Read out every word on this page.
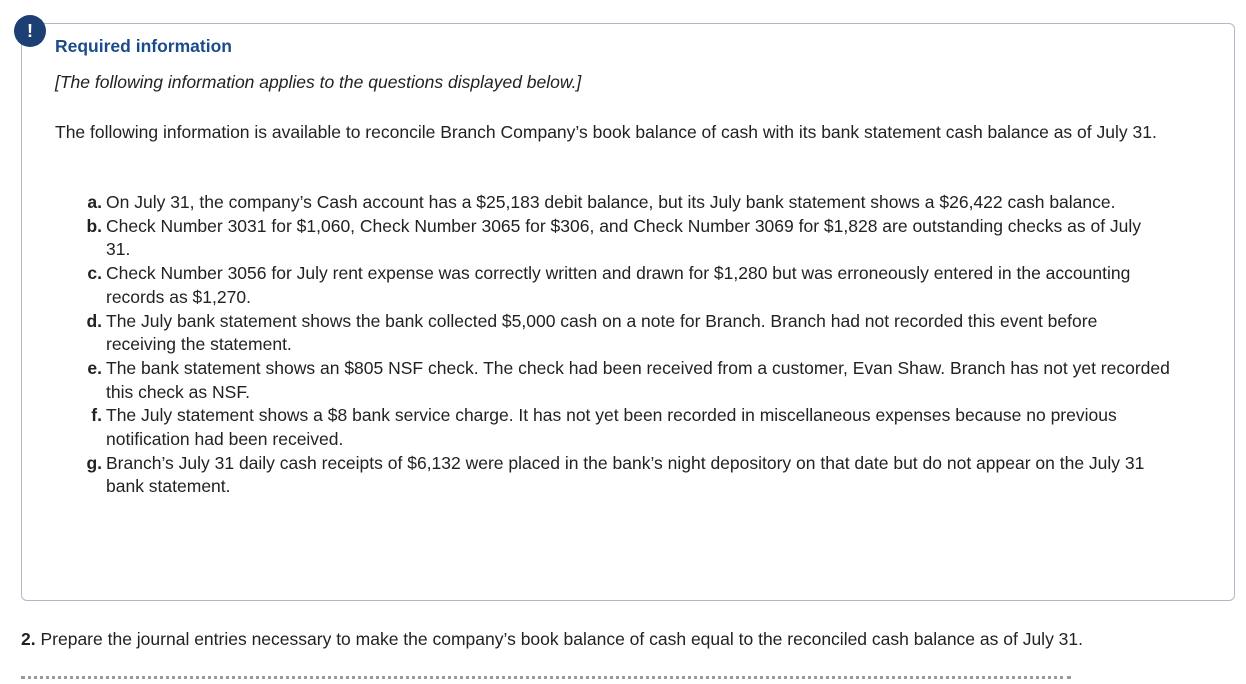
!
Required information

[The following information applies to the questions displayed below.]

The following information is available to reconcile Branch Company’s book balance of cash with its bank statement cash balance as of July 31.

a. On July 31, the company’s Cash account has a $25,183 debit balance, but its July bank statement shows a $26,422 cash balance.
b. Check Number 3031 for $1,060, Check Number 3065 for $306, and Check Number 3069 for $1,828 are outstanding checks as of July 31.
c. Check Number 3056 for July rent expense was correctly written and drawn for $1,280 but was erroneously entered in the accounting records as $1,270.
d. The July bank statement shows the bank collected $5,000 cash on a note for Branch. Branch had not recorded this event before receiving the statement.
e. The bank statement shows an $805 NSF check. The check had been received from a customer, Evan Shaw. Branch has not yet recorded this check as NSF.
f. The July statement shows a $8 bank service charge. It has not yet been recorded in miscellaneous expenses because no previous notification had been received.
g. Branch’s July 31 daily cash receipts of $6,132 were placed in the bank’s night depository on that date but do not appear on the July 31 bank statement.

2. Prepare the journal entries necessary to make the company’s book balance of cash equal to the reconciled cash balance as of July 31.
